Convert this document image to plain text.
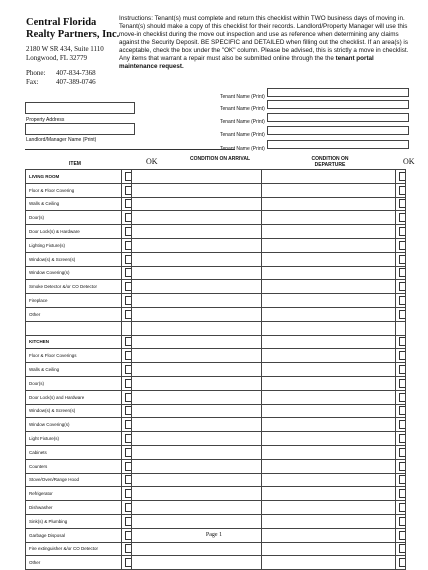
Central Florida
Realty Partners, Inc.
2180 W SR 434, Suite 1110
Longwood, FL 32779
Phone: 407-834-7368
Fax:	407-389-0746
Instructions: Tenant(s) must complete and return this checklist within TWO business days of moving in. Tenant(s) should make a copy of this checklist for their records. Landlord/Property Manager will use this move-in checklist during the move out inspection and use as reference when determining any claims against the Security Deposit. BE SPECIFIC and DETAILED when filling out the checklist. If an area(s) is acceptable, check the box under the "OK" column. Please be advised, this is strictly a move in checklist. Any items that warrant a repair must also be submitted online through the the tenant portal maintenance request.
Tenant Name (Print)
Tenant Name (Print)
Tenant Name (Print)
Tenant Name (Print)
Tenant Name (Print)
Property Address
Landlord/Manager Name (Print)
ITEM	OK	CONDITION ON ARRIVAL	CONDITION ON DEPARTURE	OK
LIVING ROOM	

Floor & Floor Covering	

Walls & Ceiling	

Door(s)	

Door Lock(s) & Hardware	

Lighting Fixture(s)	

Window(s) & Screen(s)	

Window Covering(s)	

Smoke Detector &/or CO Detector	

Fireplace	

Other	

KITCHEN	

Floor & Floor Coverings	

Walls & Ceiling	

Door(s)	

Door Lock(s) and Hardware	

Window(s) & Screen(s)	

Window Covering(s)	

Light Fixture(s)	

Cabinets	

Counters	

Stove/Oven/Range Hood	

Refrigerator	

Dishwasher	

Sink(s) & Plumbing	

Garbage Disposal	

Fire extinguisher &/or CO Detector	

Other	

Page 1
